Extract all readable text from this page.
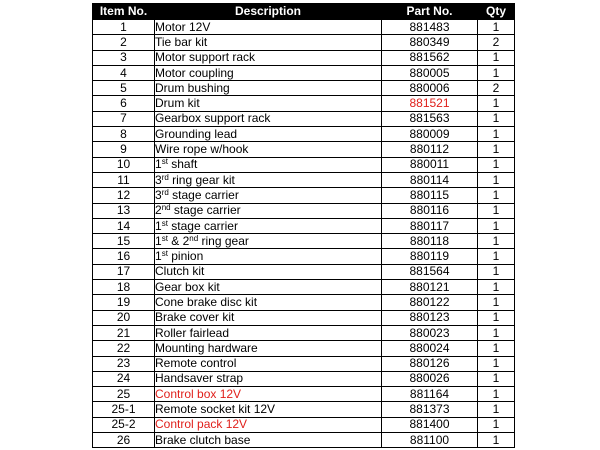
Item No.	Description	Part No.	Qty
1	Motor 12V	881483	1
2	Tie bar kit	880349	2
3	Motor support rack	881562	1
4	Motor coupling	880005	1
5	Drum bushing	880006	2
6	Drum kit	881521	1
7	Gearbox support rack	881563	1
8	Grounding lead	880009	1
9	Wire rope w/hook	880112	1
10	1st shaft	880011	1
11	3rd ring gear kit	880114	1
12	3rd stage carrier	880115	1
13	2nd stage carrier	880116	1
14	1st stage carrier	880117	1
15	1st & 2nd ring gear	880118	1
16	1st pinion	880119	1
17	Clutch kit	881564	1
18	Gear box kit	880121	1
19	Cone brake disc kit	880122	1
20	Brake cover kit	880123	1
21	Roller fairlead	880023	1
22	Mounting hardware	880024	1
23	Remote control	880126	1
24	Handsaver strap	880026	1
25	Control box 12V	881164	1
25-1	Remote socket kit 12V	881373	1
25-2	Control pack 12V	881400	1
26	Brake clutch base	881100	1
